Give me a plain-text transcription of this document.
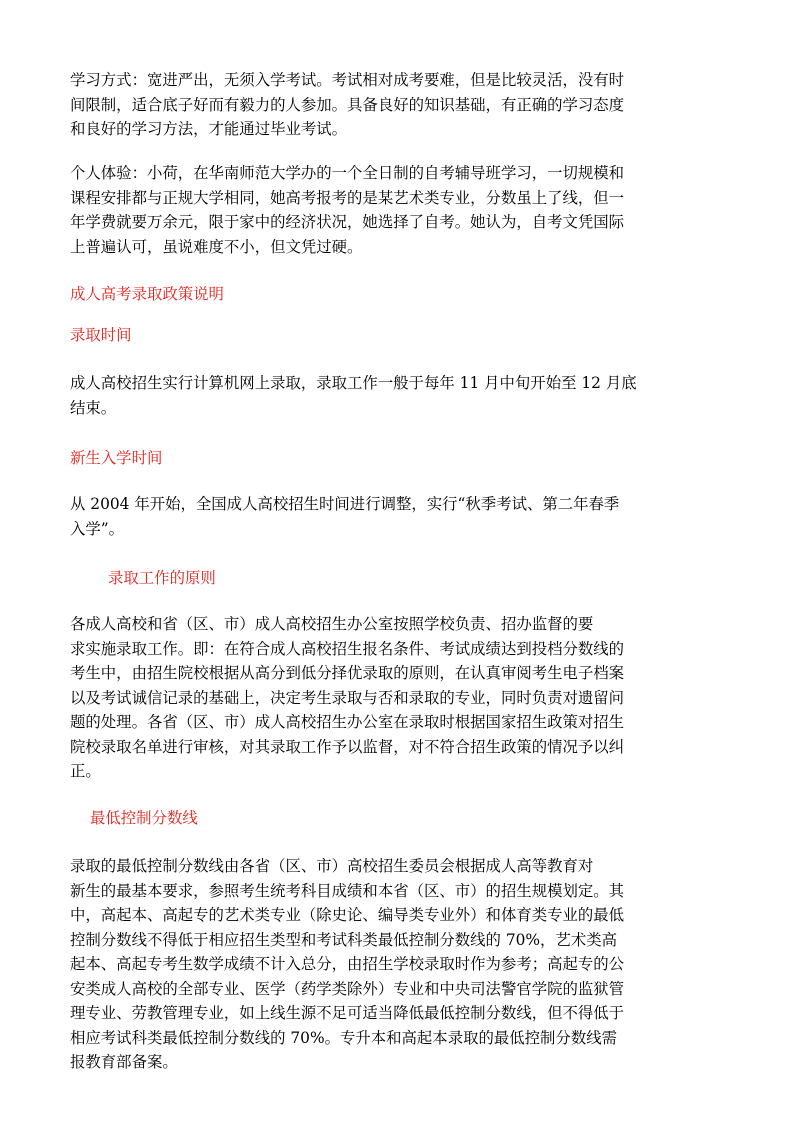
学习方式：宽进严出，无须入学考试。考试相对成考要难，但是比较灵活，没有时
间限制，适合底子好而有毅力的人参加。具备良好的知识基础，有正确的学习态度
和良好的学习方法，才能通过毕业考试。

个人体验：小荷，在华南师范大学办的一个全日制的自考辅导班学习，一切规模和
课程安排都与正规大学相同，她高考报考的是某艺术类专业，分数虽上了线，但一
年学费就要万余元，限于家中的经济状况，她选择了自考。她认为，自考文凭国际
上普遍认可，虽说难度不小，但文凭过硬。

成人高考录取政策说明
录取时间

成人高校招生实行计算机网上录取，录取工作一般于每年 11 月中旬开始至 12 月底
结束。

新生入学时间

从 2004 年开始，全国成人高校招生时间进行调整，实行“秋季考试、第二年春季
入学”。

录取工作的原则

各成人高校和省（区、市）成人高校招生办公室按照学校负责、招办监督的要
求实施录取工作。即：在符合成人高校招生报名条件、考试成绩达到投档分数线的
考生中，由招生院校根据从高分到低分择优录取的原则，在认真审阅考生电子档案
以及考试诚信记录的基础上，决定考生录取与否和录取的专业，同时负责对遗留问
题的处理。各省（区、市）成人高校招生办公室在录取时根据国家招生政策对招生
院校录取名单进行审核，对其录取工作予以监督，对不符合招生政策的情况予以纠
正。

最低控制分数线

录取的最低控制分数线由各省（区、市）高校招生委员会根据成人高等教育对
新生的最基本要求，参照考生统考科目成绩和本省（区、市）的招生规模划定。其
中，高起本、高起专的艺术类专业（除史论、编导类专业外）和体育类专业的最低
控制分数线不得低于相应招生类型和考试科类最低控制分数线的 70%，艺术类高
起本、高起专考生数学成绩不计入总分，由招生学校录取时作为参考；高起专的公
安类成人高校的全部专业、医学（药学类除外）专业和中央司法警官学院的监狱管
理专业、劳教管理专业，如上线生源不足可适当降低最低控制分数线，但不得低于
相应考试科类最低控制分数线的 70%。专升本和高起本录取的最低控制分数线需
报教育部备案。
